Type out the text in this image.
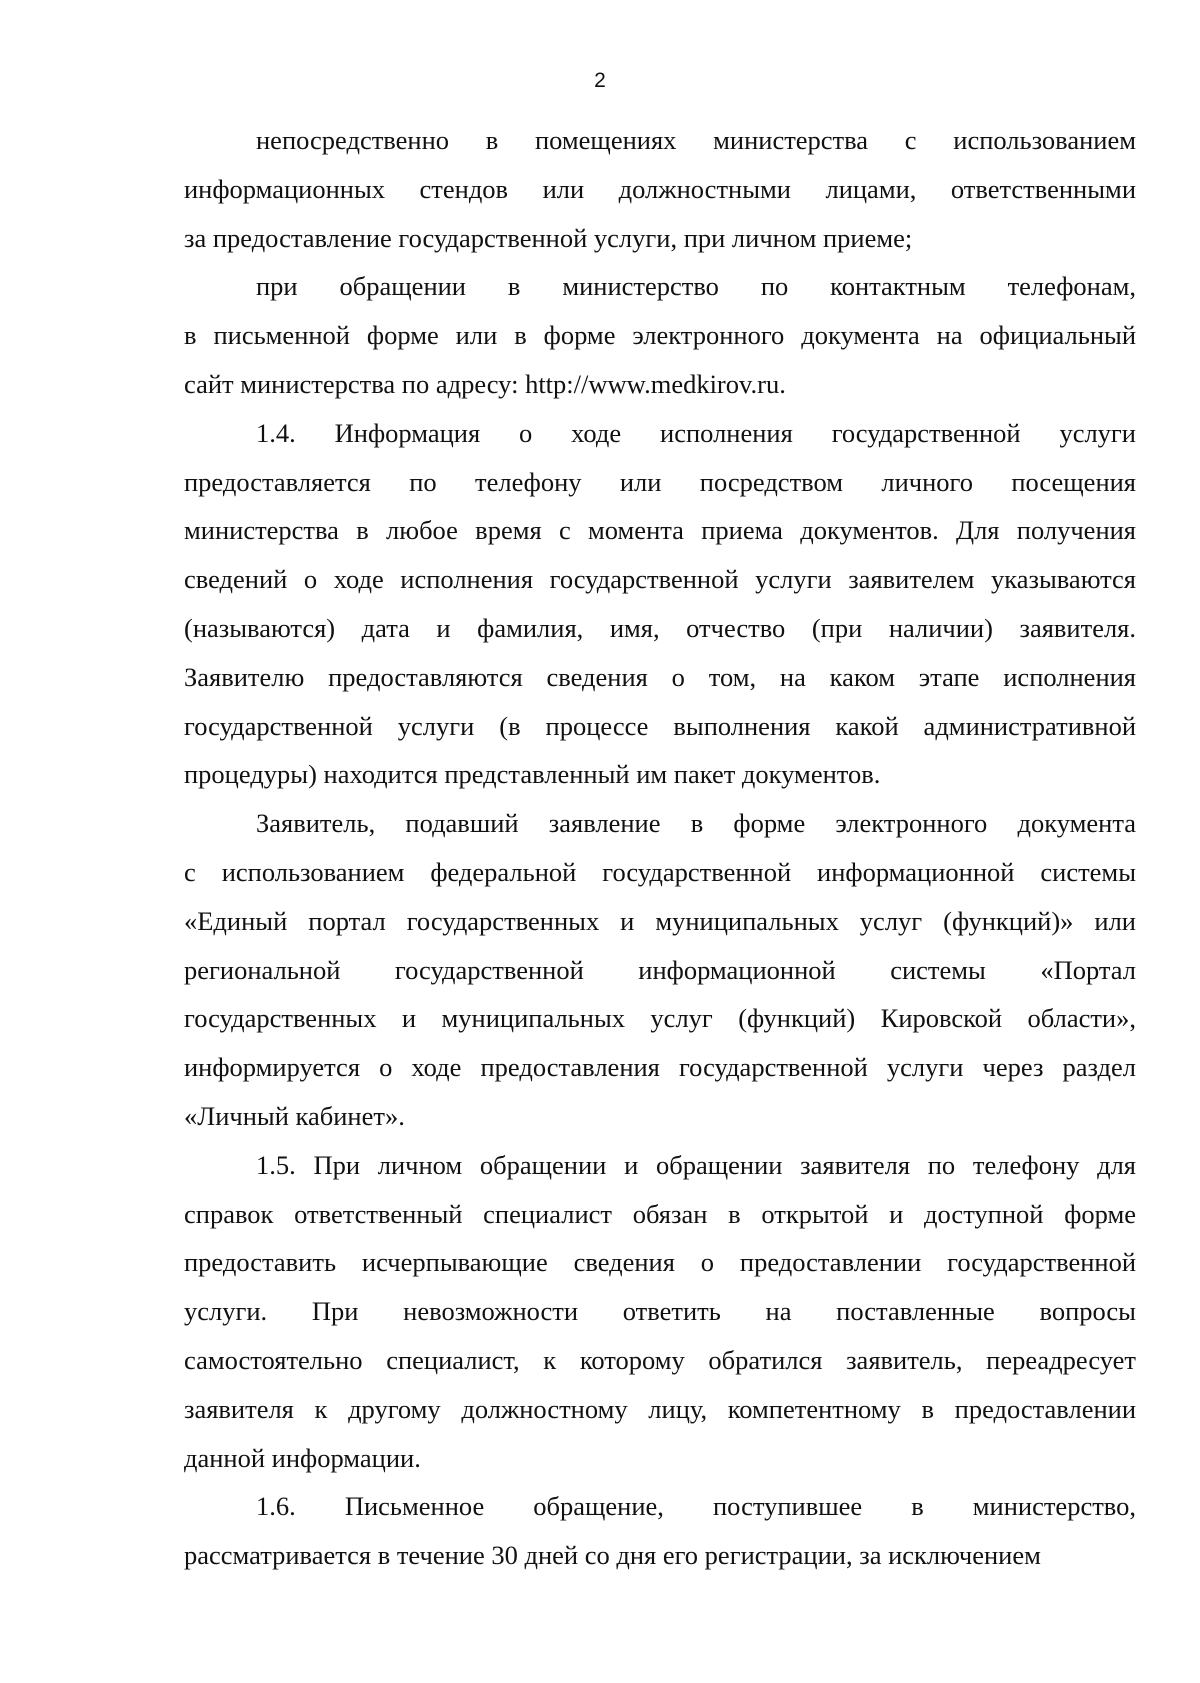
2

непосредственно в помещениях министерства с использованием
информационных стендов или должностными лицами, ответственными
за предоставление государственной услуги, при личном приеме;

при обращении в министерство по контактным телефонам,
в письменной форме или в форме электронного документа на официальный
сайт министерства по адресу: http://www.medkirov.ru.

1.4. Информация о ходе исполнения государственной услуги
предоставляется по телефону или посредством личного посещения
министерства в любое время с момента приема документов. Для получения
сведений о ходе исполнения государственной услуги заявителем указываются
(называются) дата и фамилия, имя, отчество (при наличии) заявителя.
Заявителю предоставляются сведения о том, на каком этапе исполнения
государственной услуги (в процессе выполнения какой административной
процедуры) находится представленный им пакет документов.

Заявитель, подавший заявление в форме электронного документа
с использованием федеральной государственной информационной системы
«Единый портал государственных и муниципальных услуг (функций)» или
региональной государственной информационной системы «Портал
государственных и муниципальных услуг (функций) Кировской области»,
информируется о ходе предоставления государственной услуги через раздел
«Личный кабинет».

1.5. При личном обращении и обращении заявителя по телефону для
справок ответственный специалист обязан в открытой и доступной форме
предоставить исчерпывающие сведения о предоставлении государственной
услуги. При невозможности ответить на поставленные вопросы
самостоятельно специалист, к которому обратился заявитель, переадресует
заявителя к другому должностному лицу, компетентному в предоставлении
данной информации.

1.6. Письменное обращение, поступившее в министерство,
рассматривается в течение 30 дней со дня его регистрации, за исключением
